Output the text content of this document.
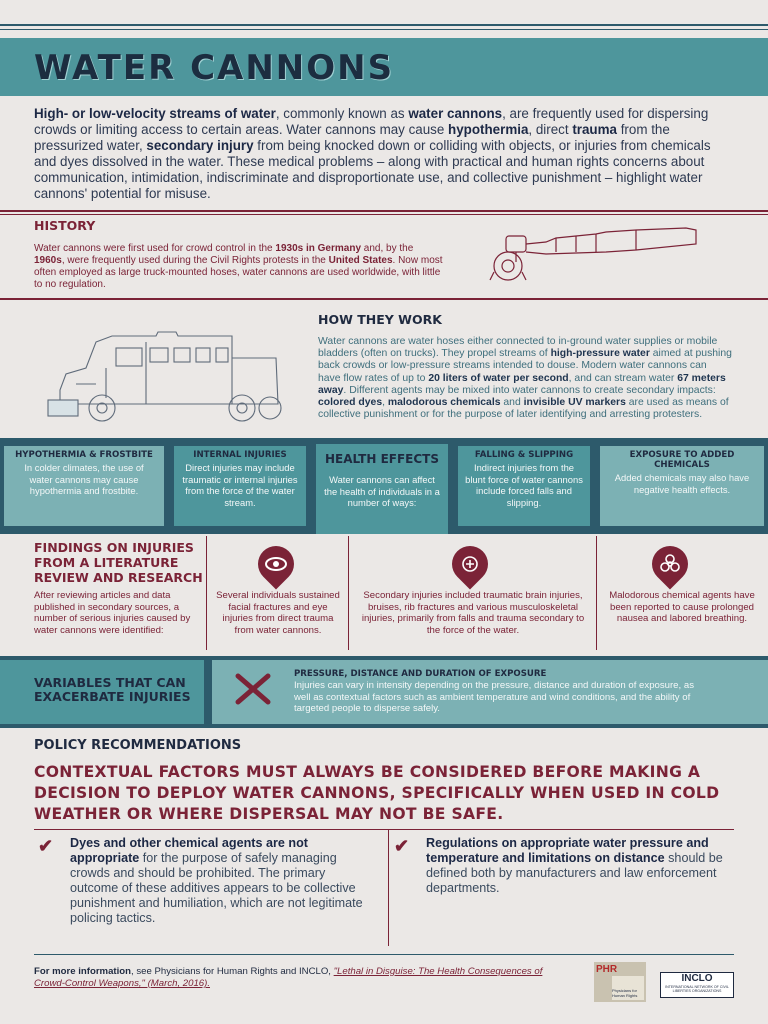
WATER CANNONS
High- or low-velocity streams of water, commonly known as water cannons, are frequently used for dispersing crowds or limiting access to certain areas. Water cannons may cause hypothermia, direct trauma from the pressurized water, secondary injury from being knocked down or colliding with objects, or injuries from chemicals and dyes dissolved in the water. These medical problems – along with practical and human rights concerns about communication, intimidation, indiscriminate and disproportionate use, and collective punishment – highlight water cannons' potential for misuse.
HISTORY
Water cannons were first used for crowd control in the 1930s in Germany and, by the 1960s, were frequently used during the Civil Rights protests in the United States. Now most often employed as large truck-mounted hoses, water cannons are used worldwide, with little to no regulation.
HOW THEY WORK
Water cannons are water hoses either connected to in-ground water supplies or mobile bladders (often on trucks). They propel streams of high-pressure water aimed at pushing back crowds or low-pressure streams intended to douse. Modern water cannons can have flow rates of up to 20 liters of water per second, and can stream water 67 meters away. Different agents may be mixed into water cannons to create secondary impacts: colored dyes, malodorous chemicals and invisible UV markers are used as means of collective punishment or for the purpose of later identifying and arresting protesters.
HYPOTHERMIA & FROSTBITE
In colder climates, the use of water cannons may cause hypothermia and frostbite.
INTERNAL INJURIES
Direct injuries may include traumatic or internal injuries from the force of the water stream.
HEALTH EFFECTS
Water cannons can affect the health of individuals in a number of ways:
FALLING & SLIPPING
Indirect injuries from the blunt force of water cannons include forced falls and slipping.
EXPOSURE TO ADDED CHEMICALS
Added chemicals may also have negative health effects.
FINDINGS ON INJURIES FROM A LITERATURE REVIEW AND RESEARCH
After reviewing articles and data published in secondary sources, a number of serious injuries caused by water cannons were identified:
Several individuals sustained facial fractures and eye injuries from direct trauma from water cannons.
Secondary injuries included traumatic brain injuries, bruises, rib fractures and various musculoskeletal injuries, primarily from falls and trauma secondary to the force of the water.
Malodorous chemical agents have been reported to cause prolonged nausea and labored breathing.
VARIABLES THAT CAN EXACERBATE INJURIES
PRESSURE, DISTANCE AND DURATION OF EXPOSURE
Injuries can vary in intensity depending on the pressure, distance and duration of exposure, as well as contextual factors such as ambient temperature and wind conditions, and the ability of targeted people to disperse safely.
POLICY RECOMMENDATIONS
CONTEXTUAL FACTORS MUST ALWAYS BE CONSIDERED BEFORE MAKING A DECISION TO DEPLOY WATER CANNONS, SPECIFICALLY WHEN USED IN COLD WEATHER OR WHERE DISPERSAL MAY NOT BE SAFE.
✔ Dyes and other chemical agents are not appropriate for the purpose of safely managing crowds and should be prohibited. The primary outcome of these additives appears to be collective punishment and humiliation, which are not legitimate policing tactics.
✔ Regulations on appropriate water pressure and temperature and limitations on distance should be defined both by manufacturers and law enforcement departments.
For more information, see Physicians for Human Rights and INCLO, "Lethal in Disguise: The Health Consequences of Crowd-Control Weapons," (March, 2016).
PHR
Physicians for Human Rights
INCLO
INTERNATIONAL NETWORK OF CIVIL LIBERTIES ORGANIZATIONS
